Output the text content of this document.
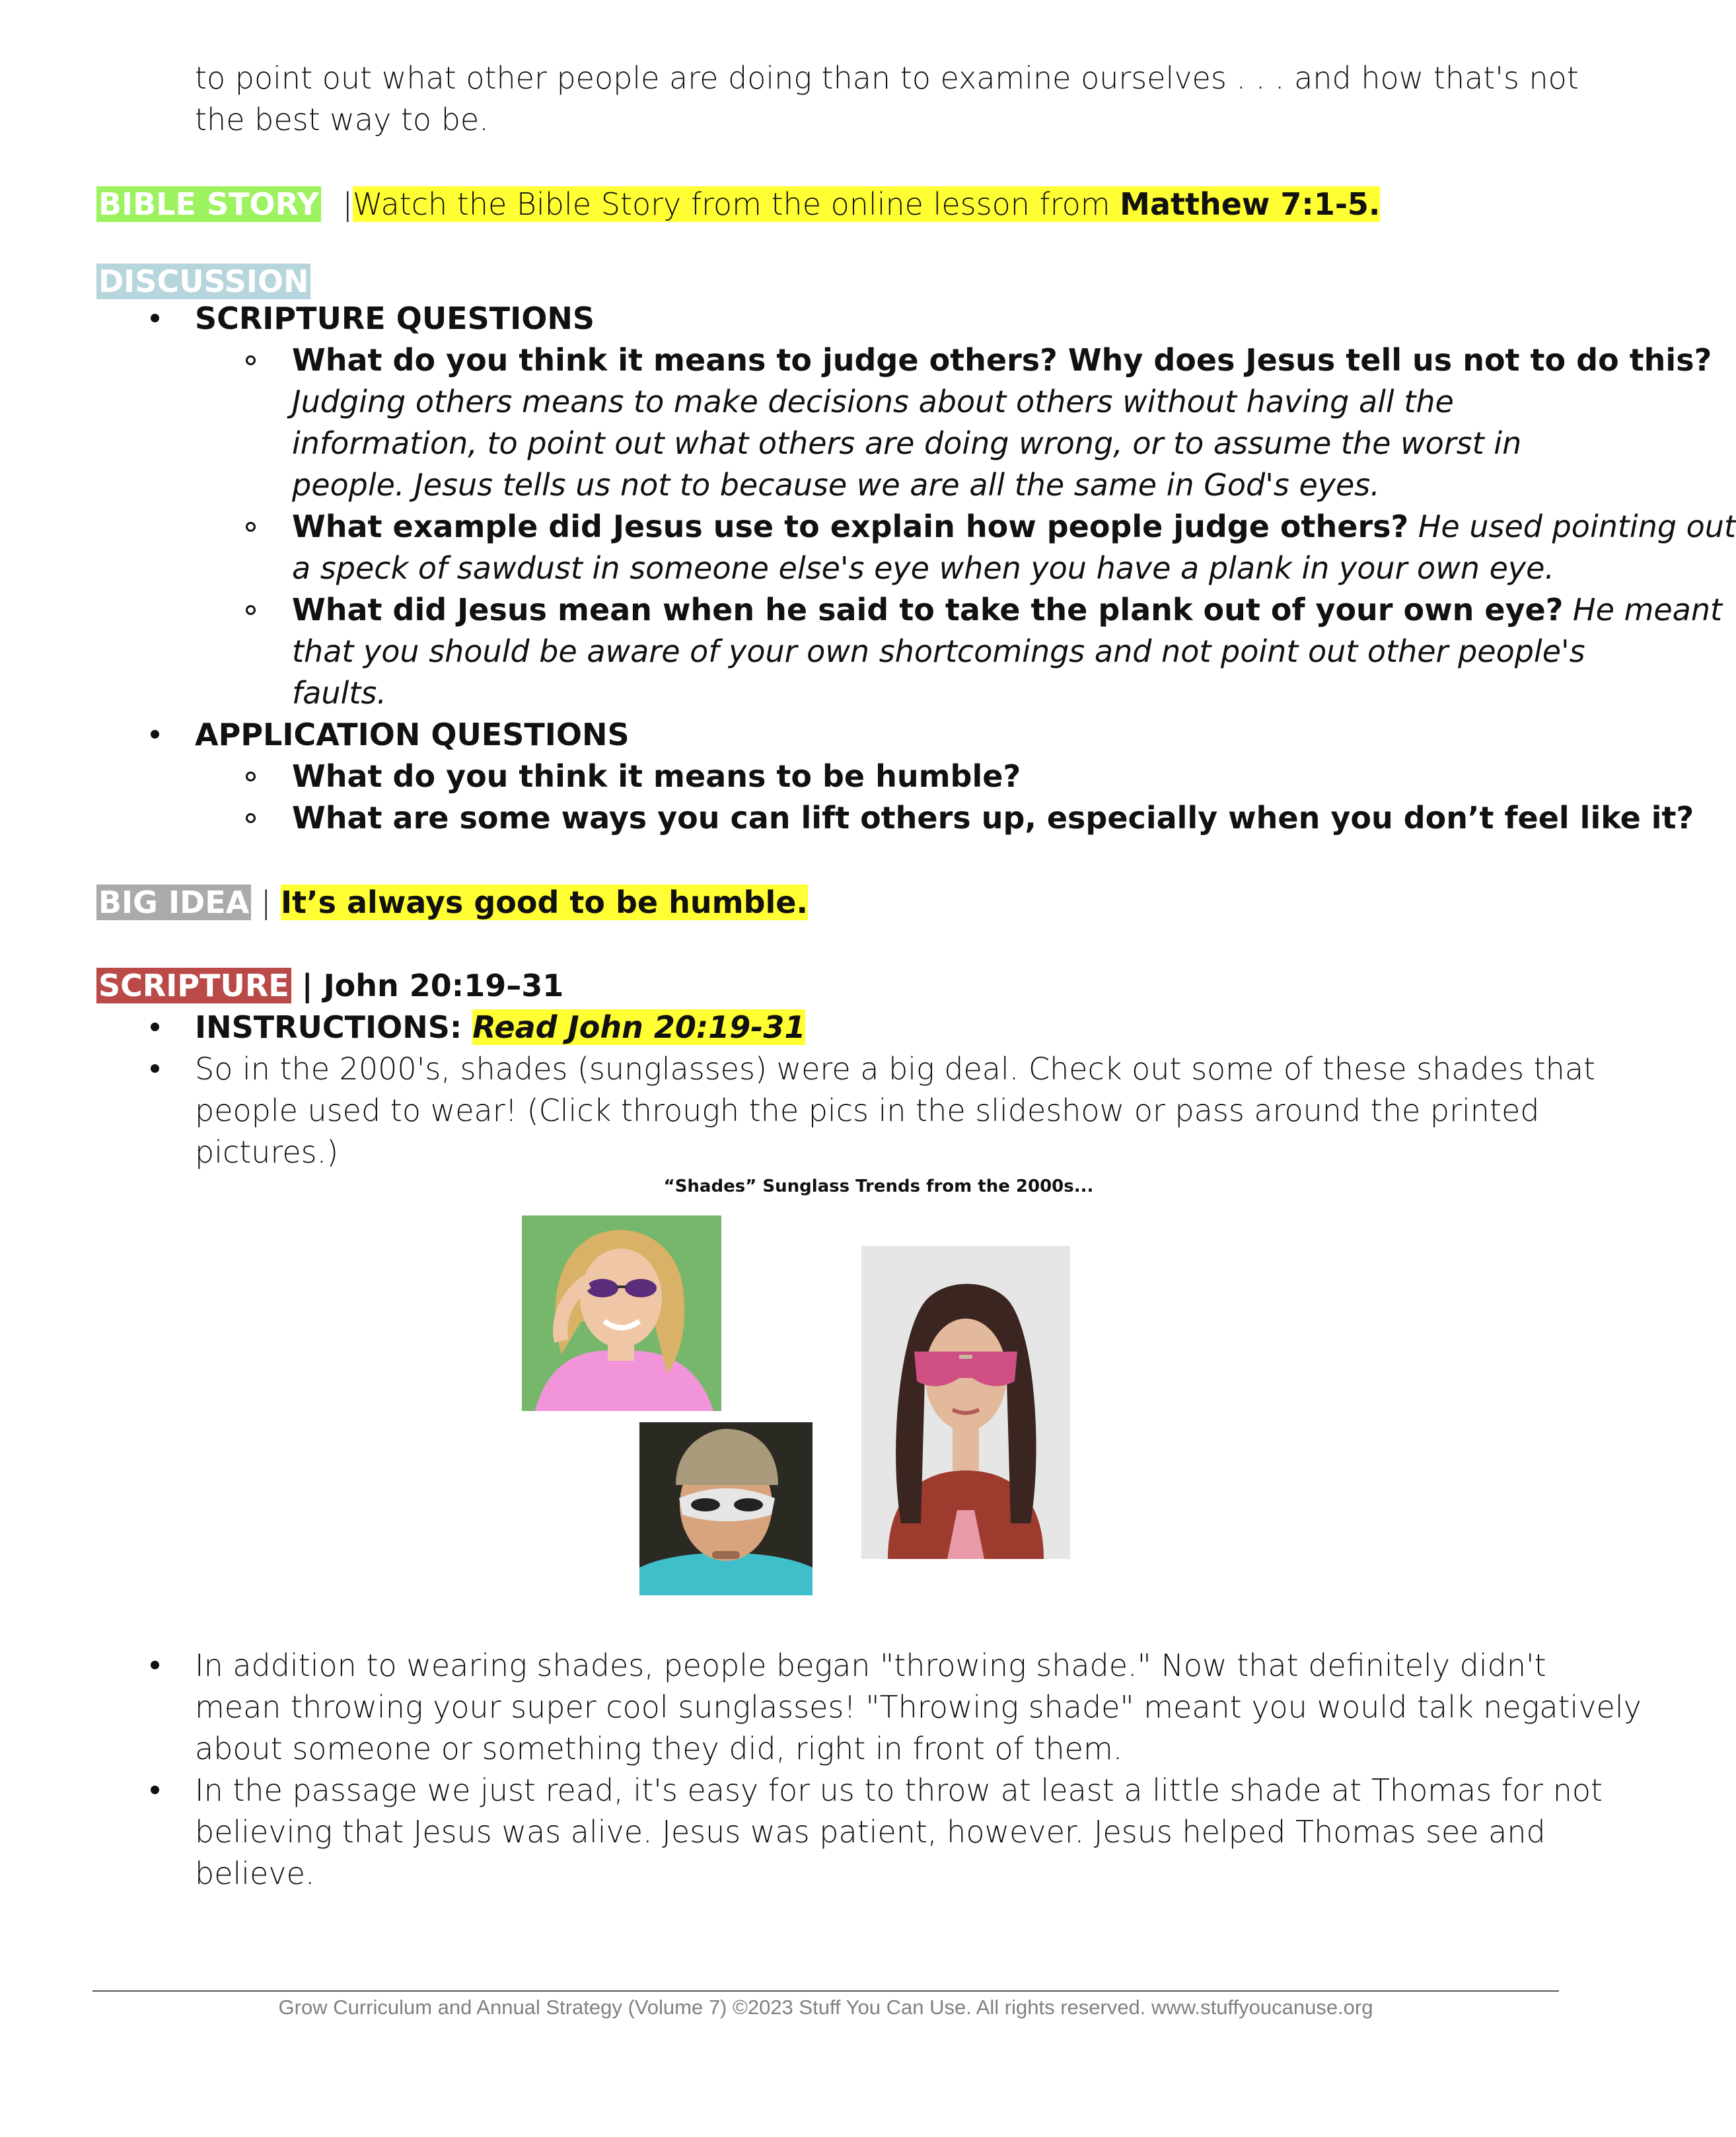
to point out what other people are doing than to examine ourselves . . . and how that's not
the best way to be.
BIBLE STORY |Watch the Bible Story from the online lesson from Matthew 7:1-5.
DISCUSSION
SCRIPTURE QUESTIONS
What do you think it means to judge others? Why does Jesus tell us not to do this?
Judging others means to make decisions about others without having all the
information, to point out what others are doing wrong, or to assume the worst in
people. Jesus tells us not to because we are all the same in God's eyes.
What example did Jesus use to explain how people judge others? He used pointing out
a speck of sawdust in someone else's eye when you have a plank in your own eye.
What did Jesus mean when he said to take the plank out of your own eye? He meant
that you should be aware of your own shortcomings and not point out other people's
faults.
APPLICATION QUESTIONS
What do you think it means to be humble?
What are some ways you can lift others up, especially when you don’t feel like it?
BIG IDEA | It’s always good to be humble.
SCRIPTURE | John 20:19–31
INSTRUCTIONS: Read John 20:19-31
So in the 2000's, shades (sunglasses) were a big deal. Check out some of these shades that
people used to wear! (Click through the pics in the slideshow or pass around the printed
pictures.)
“Shades” Sunglass Trends from the 2000s...
In addition to wearing shades, people began "throwing shade." Now that definitely didn't
mean throwing your super cool sunglasses! "Throwing shade" meant you would talk negatively
about someone or something they did, right in front of them.
In the passage we just read, it's easy for us to throw at least a little shade at Thomas for not
believing that Jesus was alive. Jesus was patient, however. Jesus helped Thomas see and
believe.
Grow Curriculum and Annual Strategy (Volume 7) ©2023 Stuff You Can Use. All rights reserved. www.stuffyoucanuse.org
